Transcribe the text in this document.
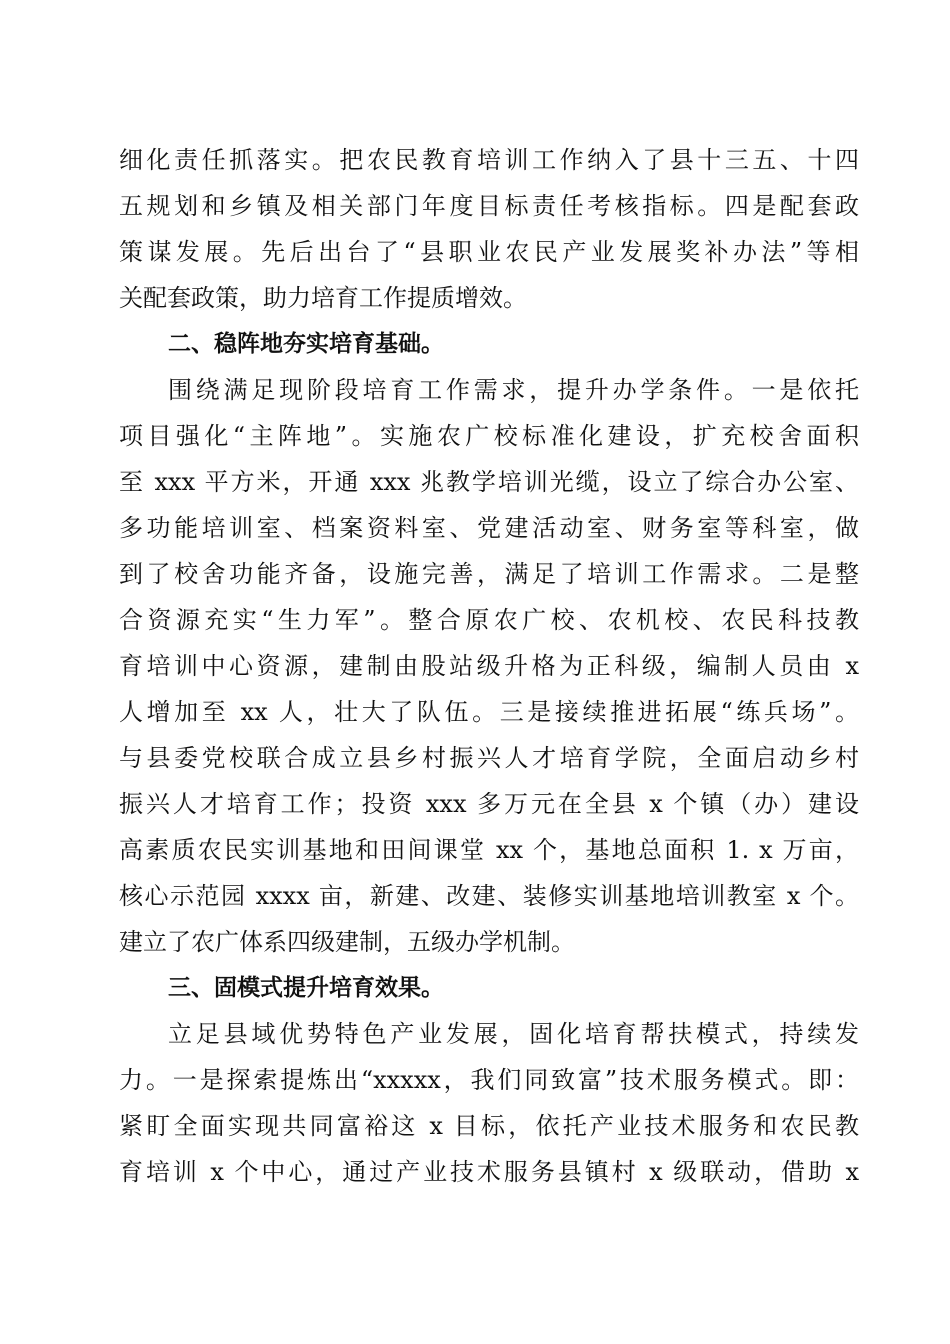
细化责任抓落实。把农民教育培训工作纳入了县十三五、十四
五规划和乡镇及相关部门年度目标责任考核指标。四是配套政
策谋发展。先后出台了“县职业农民产业发展奖补办法”等相
关配套政策，助力培育工作提质增效。
二、稳阵地夯实培育基础。
围绕满足现阶段培育工作需求，提升办学条件。一是依托
项目强化“主阵地”。实施农广校标准化建设，扩充校舍面积
至 xxx 平方米，开通 xxx 兆教学培训光缆，设立了综合办公室、
多功能培训室、档案资料室、党建活动室、财务室等科室，做
到了校舍功能齐备，设施完善，满足了培训工作需求。二是整
合资源充实“生力军”。整合原农广校、农机校、农民科技教
育培训中心资源，建制由股站级升格为正科级，编制人员由 x
人增加至 xx 人，壮大了队伍。三是接续推进拓展“练兵场”。
与县委党校联合成立县乡村振兴人才培育学院，全面启动乡村
振兴人才培育工作；投资 xxx 多万元在全县 x 个镇（办）建设
高素质农民实训基地和田间课堂 xx 个，基地总面积 1. x 万亩，
核心示范园 xxxx 亩，新建、改建、装修实训基地培训教室 x 个。
建立了农广体系四级建制，五级办学机制。
三、固模式提升培育效果。
立足县域优势特色产业发展，固化培育帮扶模式，持续发
力。一是探索提炼出“xxxxx，我们同致富”技术服务模式。即：
紧盯全面实现共同富裕这 x 目标，依托产业技术服务和农民教
育培训 x 个中心，通过产业技术服务县镇村 x 级联动，借助 x
